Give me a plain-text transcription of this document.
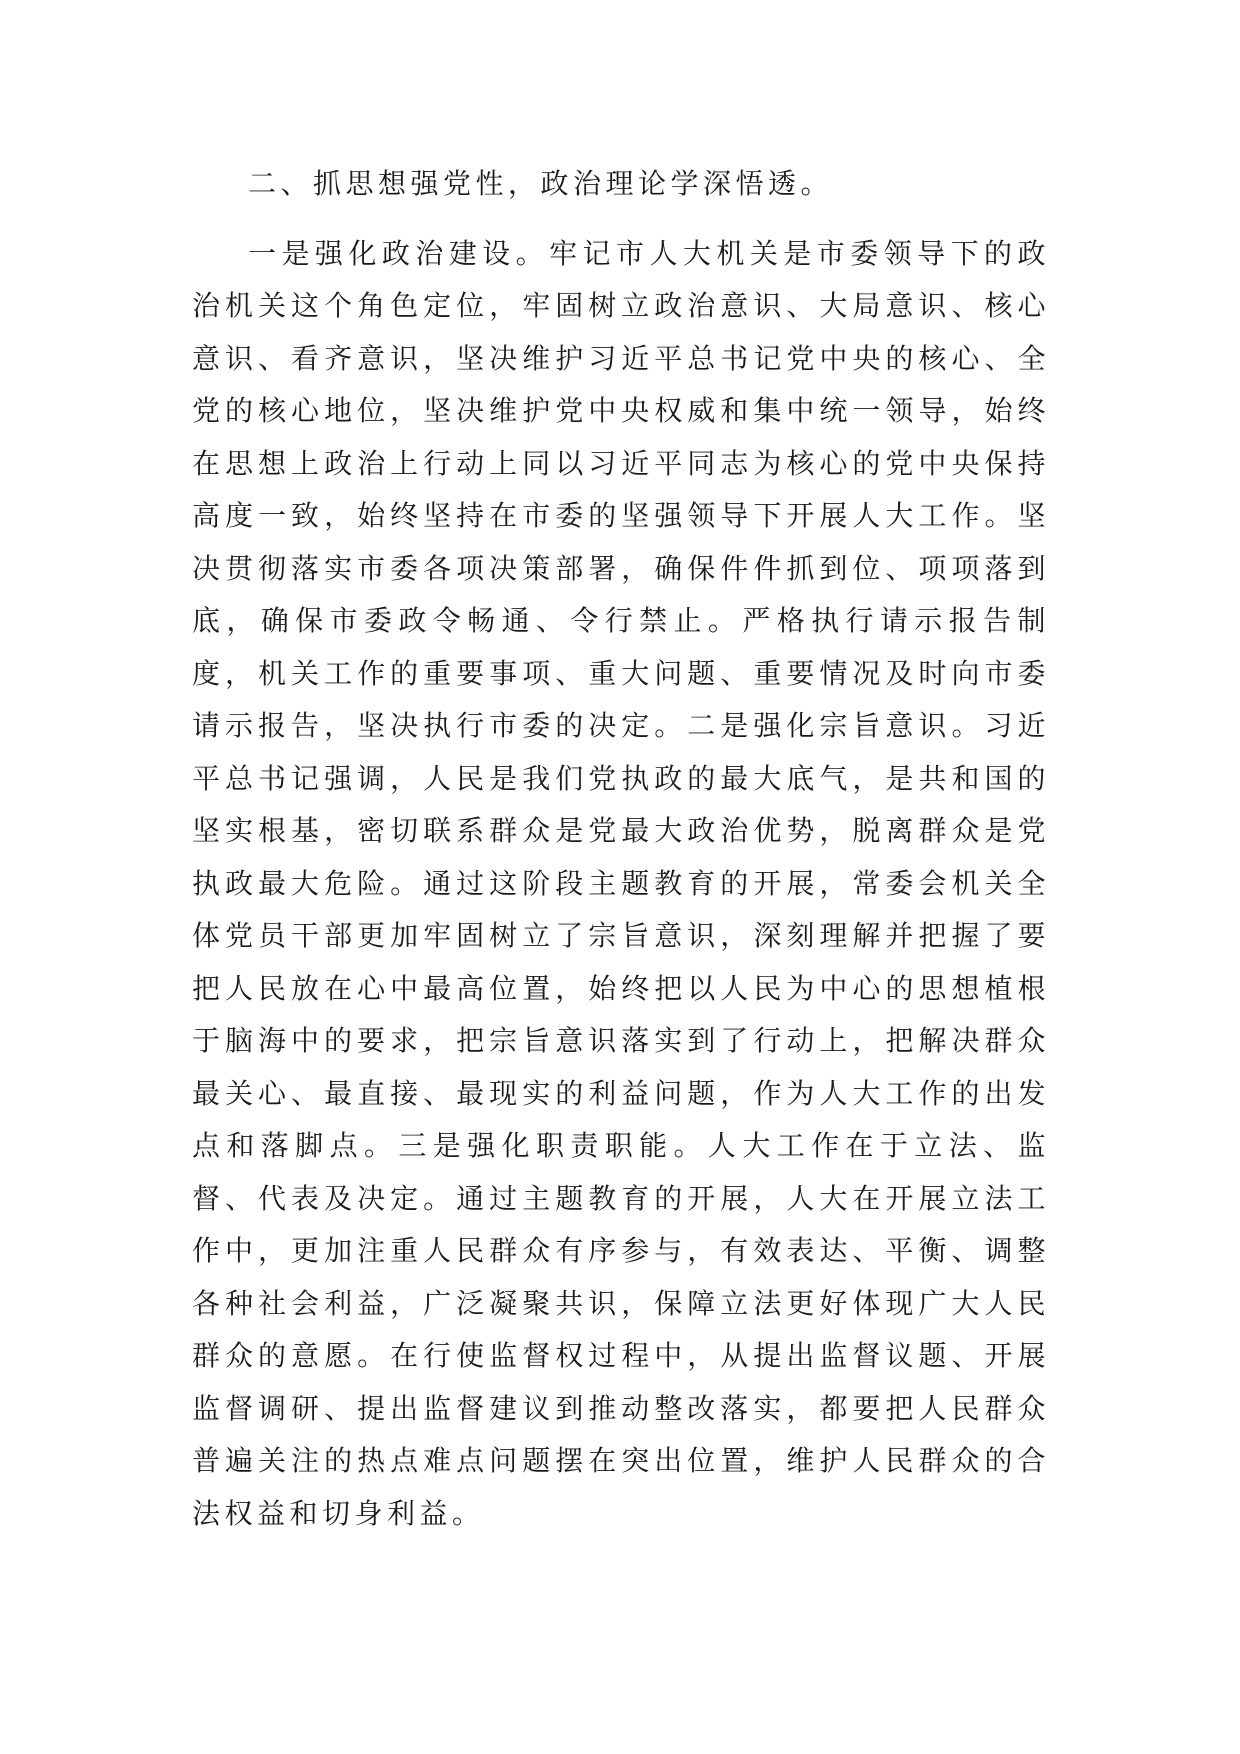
二、抓思想强党性，政治理论学深悟透。

一是强化政治建设。牢记市人大机关是市委领导下的政治机关这个角色定位，牢固树立政治意识、大局意识、核心意识、看齐意识，坚决维护习近平总书记党中央的核心、全党的核心地位，坚决维护党中央权威和集中统一领导，始终在思想上政治上行动上同以习近平同志为核心的党中央保持高度一致，始终坚持在市委的坚强领导下开展人大工作。坚决贯彻落实市委各项决策部署，确保件件抓到位、项项落到底，确保市委政令畅通、令行禁止。严格执行请示报告制度，机关工作的重要事项、重大问题、重要情况及时向市委请示报告，坚决执行市委的决定。二是强化宗旨意识。习近平总书记强调，人民是我们党执政的最大底气，是共和国的坚实根基，密切联系群众是党最大政治优势，脱离群众是党执政最大危险。通过这阶段主题教育的开展，常委会机关全体党员干部更加牢固树立了宗旨意识，深刻理解并把握了要把人民放在心中最高位置，始终把以人民为中心的思想植根于脑海中的要求，把宗旨意识落实到了行动上，把解决群众最关心、最直接、最现实的利益问题，作为人大工作的出发点和落脚点。三是强化职责职能。人大工作在于立法、监督、代表及决定。通过主题教育的开展，人大在开展立法工作中，更加注重人民群众有序参与，有效表达、平衡、调整各种社会利益，广泛凝聚共识，保障立法更好体现广大人民群众的意愿。在行使监督权过程中，从提出监督议题、开展监督调研、提出监督建议到推动整改落实，都要把人民群众普遍关注的热点难点问题摆在突出位置，维护人民群众的合法权益和切身利益。
